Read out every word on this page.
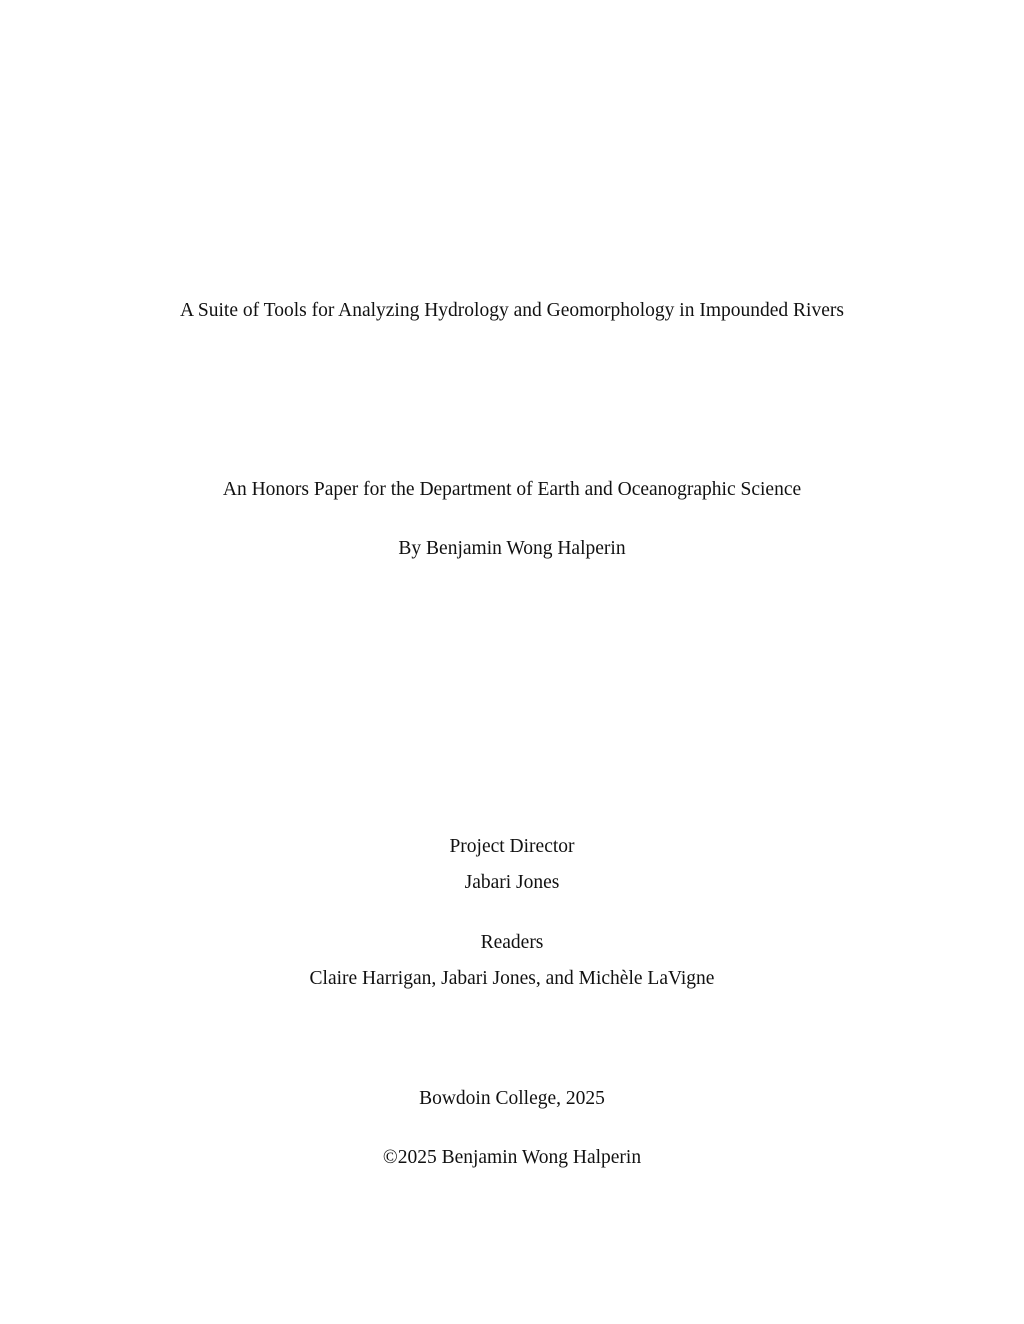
A Suite of Tools for Analyzing Hydrology and Geomorphology in Impounded Rivers
An Honors Paper for the Department of Earth and Oceanographic Science
By Benjamin Wong Halperin
Project Director
Jabari Jones
Readers
Claire Harrigan, Jabari Jones, and Michèle LaVigne
Bowdoin College, 2025
©2025 Benjamin Wong Halperin
